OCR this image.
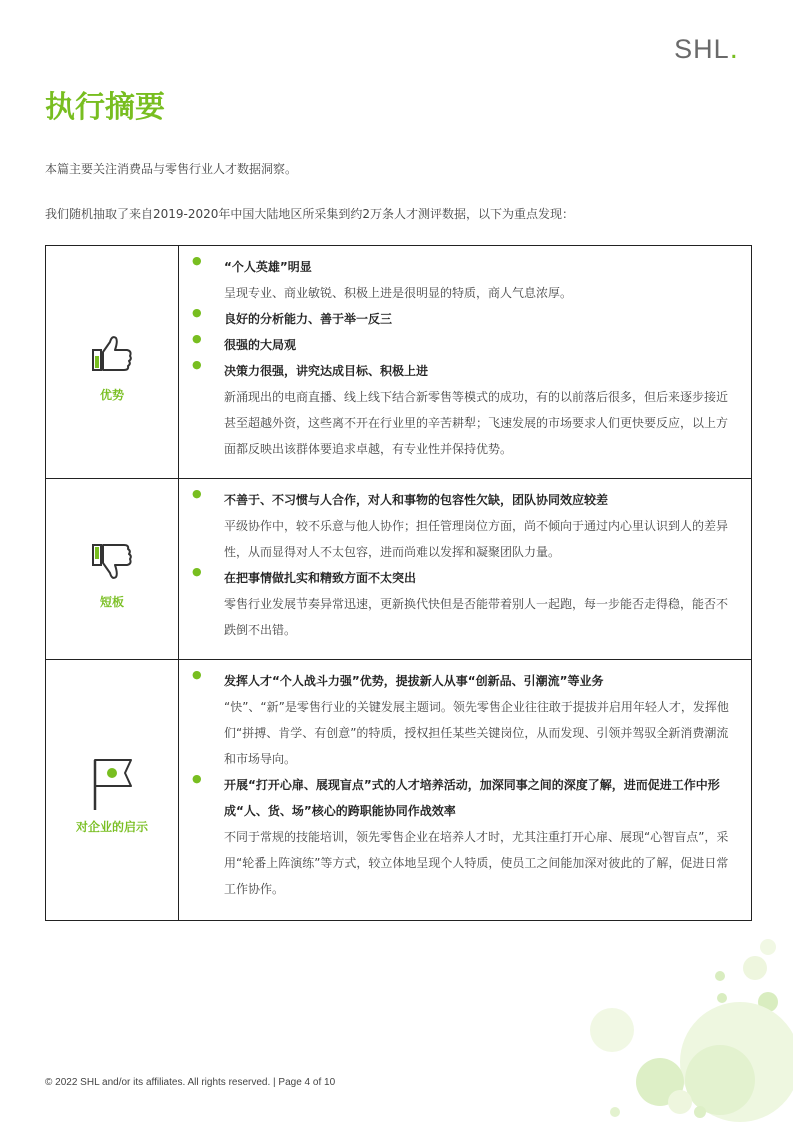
SHL.
执行摘要
本篇主要关注消费品与零售行业人才数据洞察。
我们随机抽取了来自2019-2020年中国大陆地区所采集到约2万条人才测评数据，以下为重点发现：
优势
● “个人英雄”明显
呈现专业、商业敏锐、积极上进是很明显的特质，商人气息浓厚。
● 良好的分析能力、善于举一反三
● 很强的大局观
● 决策力很强，讲究达成目标、积极上进
新涌现出的电商直播、线上线下结合新零售等模式的成功，有的以前落后很多，但后来逐步接近甚至超越外资，这些离不开在行业里的辛苦耕犁；飞速发展的市场要求人们更快要反应，以上方面都反映出该群体要追求卓越，有专业性并保持优势。
短板
● 不善于、不习惯与人合作，对人和事物的包容性欠缺，团队协同效应较差
平级协作中，较不乐意与他人协作；担任管理岗位方面，尚不倾向于通过内心里认识到人的差异性，从而显得对人不太包容，进而尚难以发挥和凝聚团队力量。
● 在把事情做扎实和精致方面不太突出
零售行业发展节奏异常迅速，更新换代快但是否能带着别人一起跑，每一步能否走得稳，能否不跌倒不出错。
对企业的启示
● 发挥人才“个人战斗力强”优势，提拔新人从事“创新品、引潮流”等业务
“快”、“新”是零售行业的关键发展主题词。领先零售企业往往敢于提拔并启用年轻人才，发挥他们“拼搏、肯学、有创意”的特质，授权担任某些关键岗位，从而发现、引领并驾驭全新消费潮流和市场导向。
● 开展“打开心扉、展现盲点”式的人才培养活动，加深同事之间的深度了解，进而促进工作中形成“人、货、场”核心的跨职能协同作战效率
不同于常规的技能培训，领先零售企业在培养人才时，尤其注重打开心扉、展现“心智盲点”，采用“轮番上阵演练”等方式，较立体地呈现个人特质，使员工之间能加深对彼此的了解，促进日常工作协作。
© 2022 SHL and/or its affiliates. All rights reserved. | Page 4 of 10
